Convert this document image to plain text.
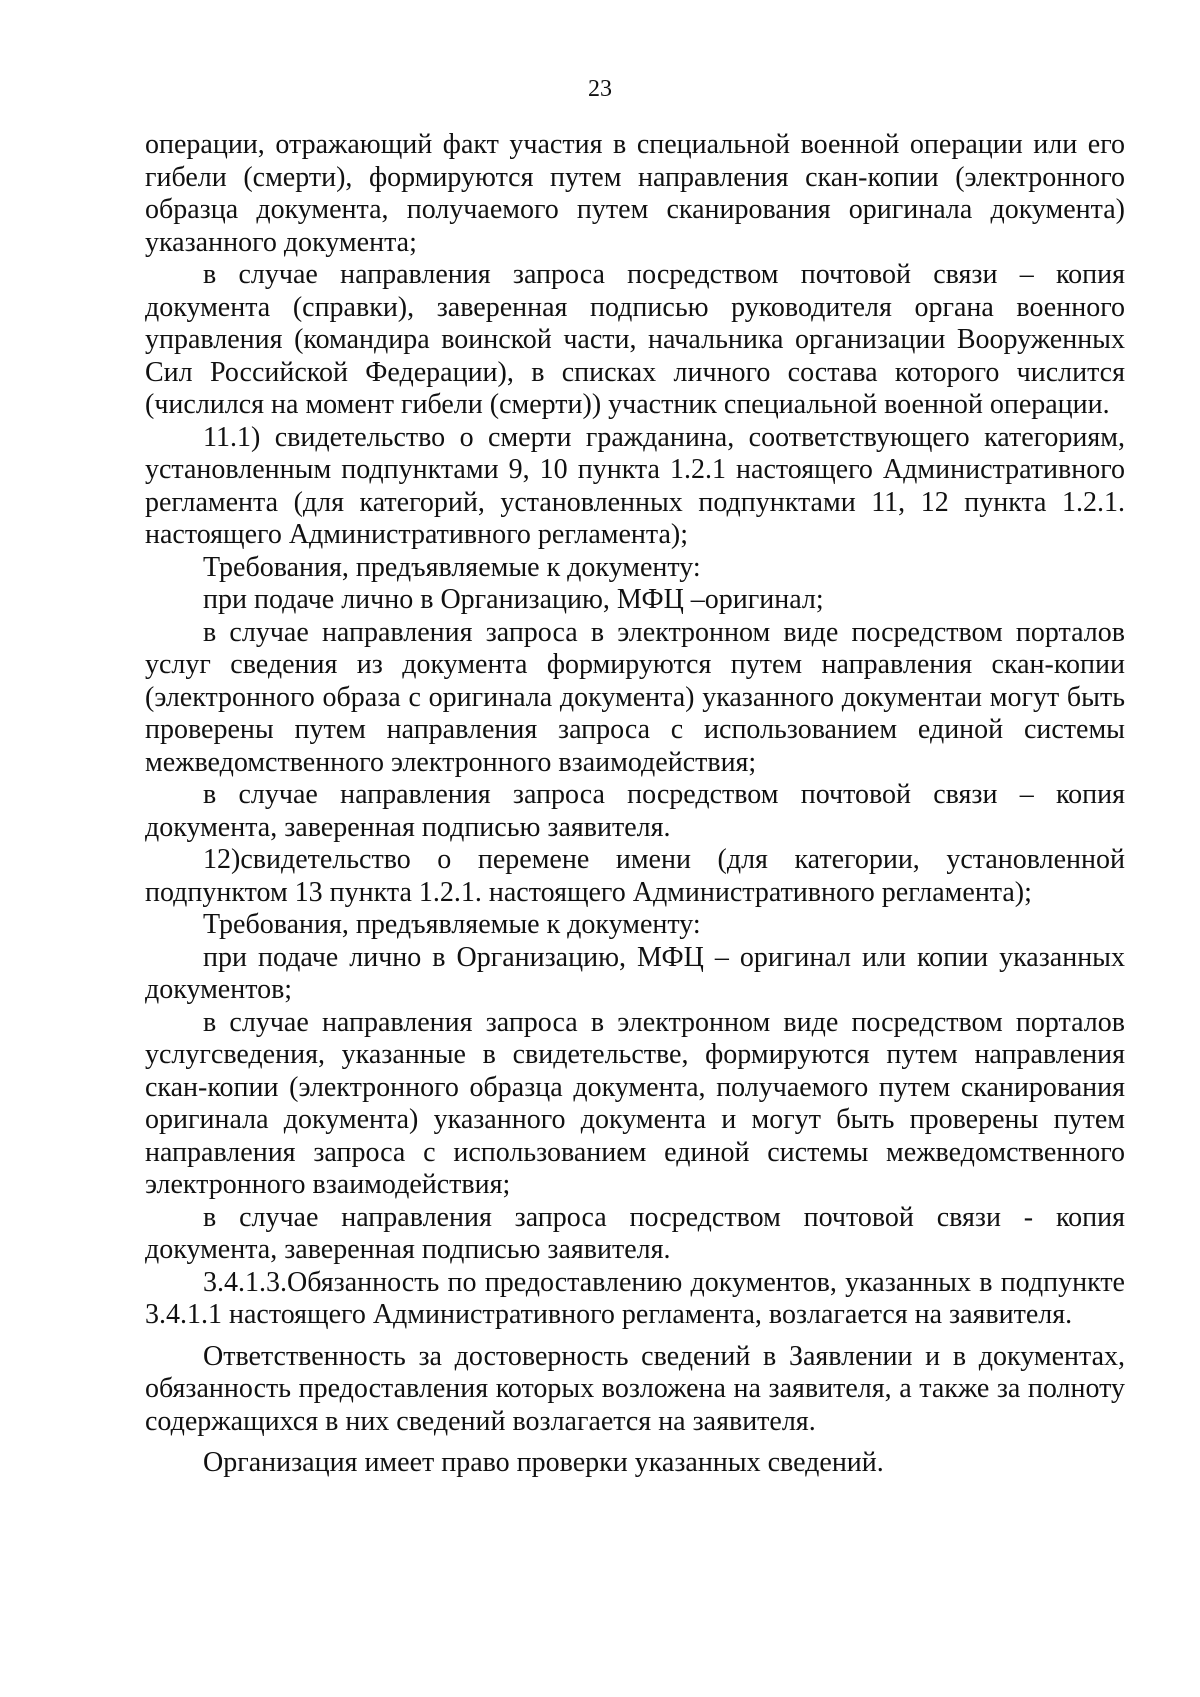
23

операции, отражающий факт участия в специальной военной операции или его гибели (смерти), формируются путем направления скан-копии (электронного образца документа, получаемого путем сканирования оригинала документа) указанного документа;

в случае направления запроса посредством почтовой связи – копия документа (справки), заверенная подписью руководителя органа военного управления (командира воинской части, начальника организации Вооруженных Сил Российской Федерации), в списках личного состава которого числится (числился на момент гибели (смерти)) участник специальной военной операции.

11.1) свидетельство о смерти гражданина, соответствующего категориям, установленным подпунктами 9, 10 пункта 1.2.1 настоящего Административного регламента (для категорий, установленных подпунктами 11, 12 пункта 1.2.1. настоящего Административного регламента);

Требования, предъявляемые к документу:

при подаче лично в Организацию, МФЦ –оригинал;

в случае направления запроса в электронном виде посредством порталов услуг сведения из документа формируются путем направления скан-копии (электронного образа с оригинала документа) указанного документаи могут быть проверены путем направления запроса с использованием единой системы межведомственного электронного взаимодействия;

в случае направления запроса посредством почтовой связи – копия документа, заверенная подписью заявителя.

12)свидетельство о перемене имени (для категории, установленной подпунктом 13 пункта 1.2.1. настоящего Административного регламента);

Требования, предъявляемые к документу:

при подаче лично в Организацию, МФЦ – оригинал или копии указанных документов;

в случае направления запроса в электронном виде посредством порталов услугсведения, указанные в свидетельстве, формируются путем направления скан-копии (электронного образца документа, получаемого путем сканирования оригинала документа) указанного документа и могут быть проверены путем направления запроса с использованием единой системы межведомственного электронного взаимодействия;

в случае направления запроса посредством почтовой связи - копия документа, заверенная подписью заявителя.

3.4.1.3.Обязанность по предоставлению документов, указанных в подпункте 3.4.1.1 настоящего Административного регламента, возлагается на заявителя.

Ответственность за достоверность сведений в Заявлении и в документах, обязанность предоставления которых возложена на заявителя, а также за полноту содержащихся в них сведений возлагается на заявителя.

Организация имеет право проверки указанных сведений.
